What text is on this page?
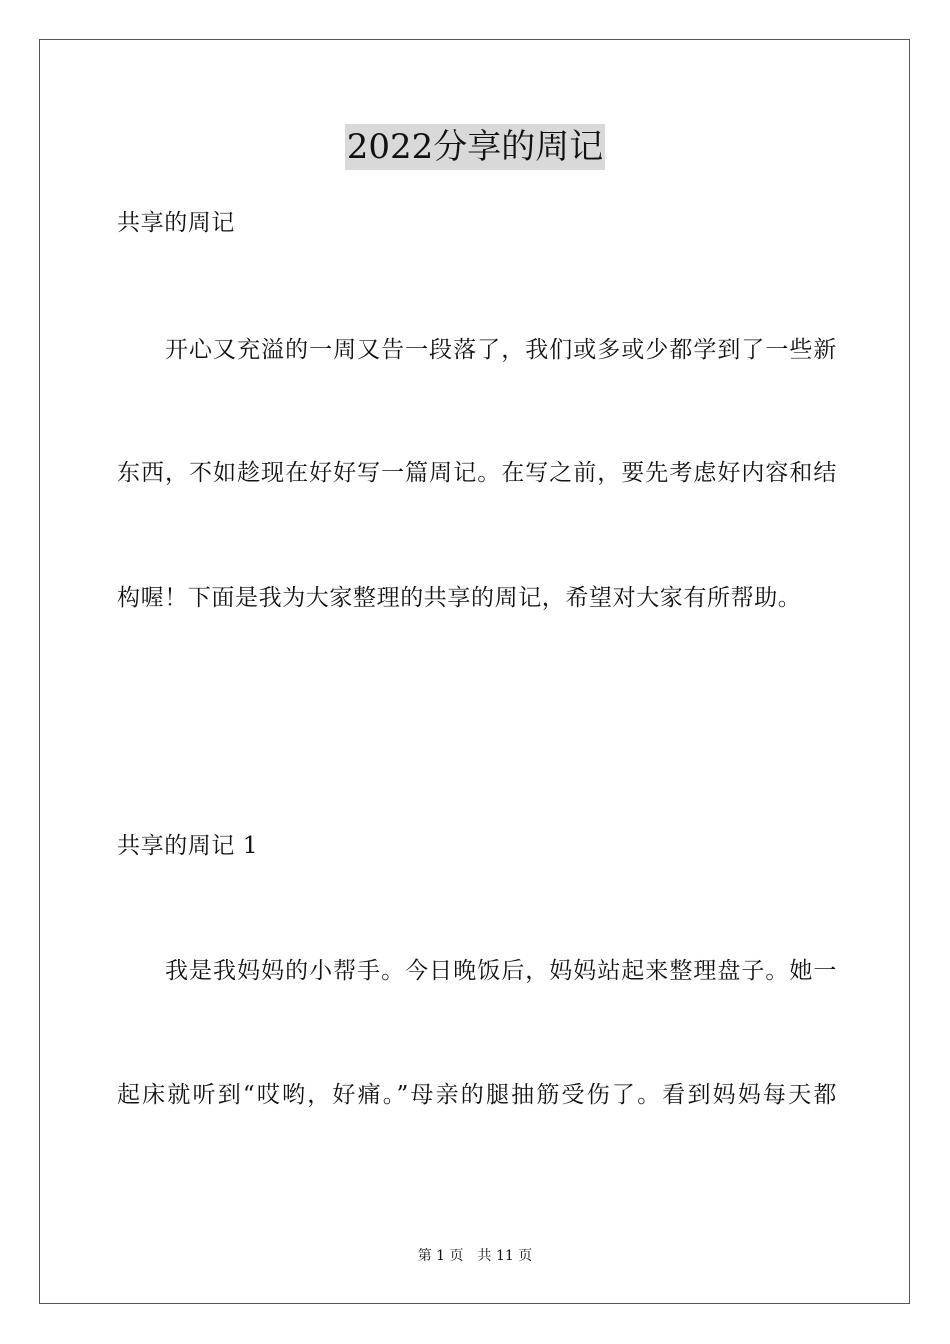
2022分享的周记
共享的周记
　　开心又充溢的一周又告一段落了，我们或多或少都学到了一些新
东西，不如趁现在好好写一篇周记。在写之前，要先考虑好内容和结
构喔！下面是我为大家整理的共享的周记，希望对大家有所帮助。
共享的周记 1
　　我是我妈妈的小帮手。今日晚饭后，妈妈站起来整理盘子。她一
起床就听到“哎哟，好痛。”母亲的腿抽筋受伤了。看到妈妈每天都
第 1 页　共 11 页
